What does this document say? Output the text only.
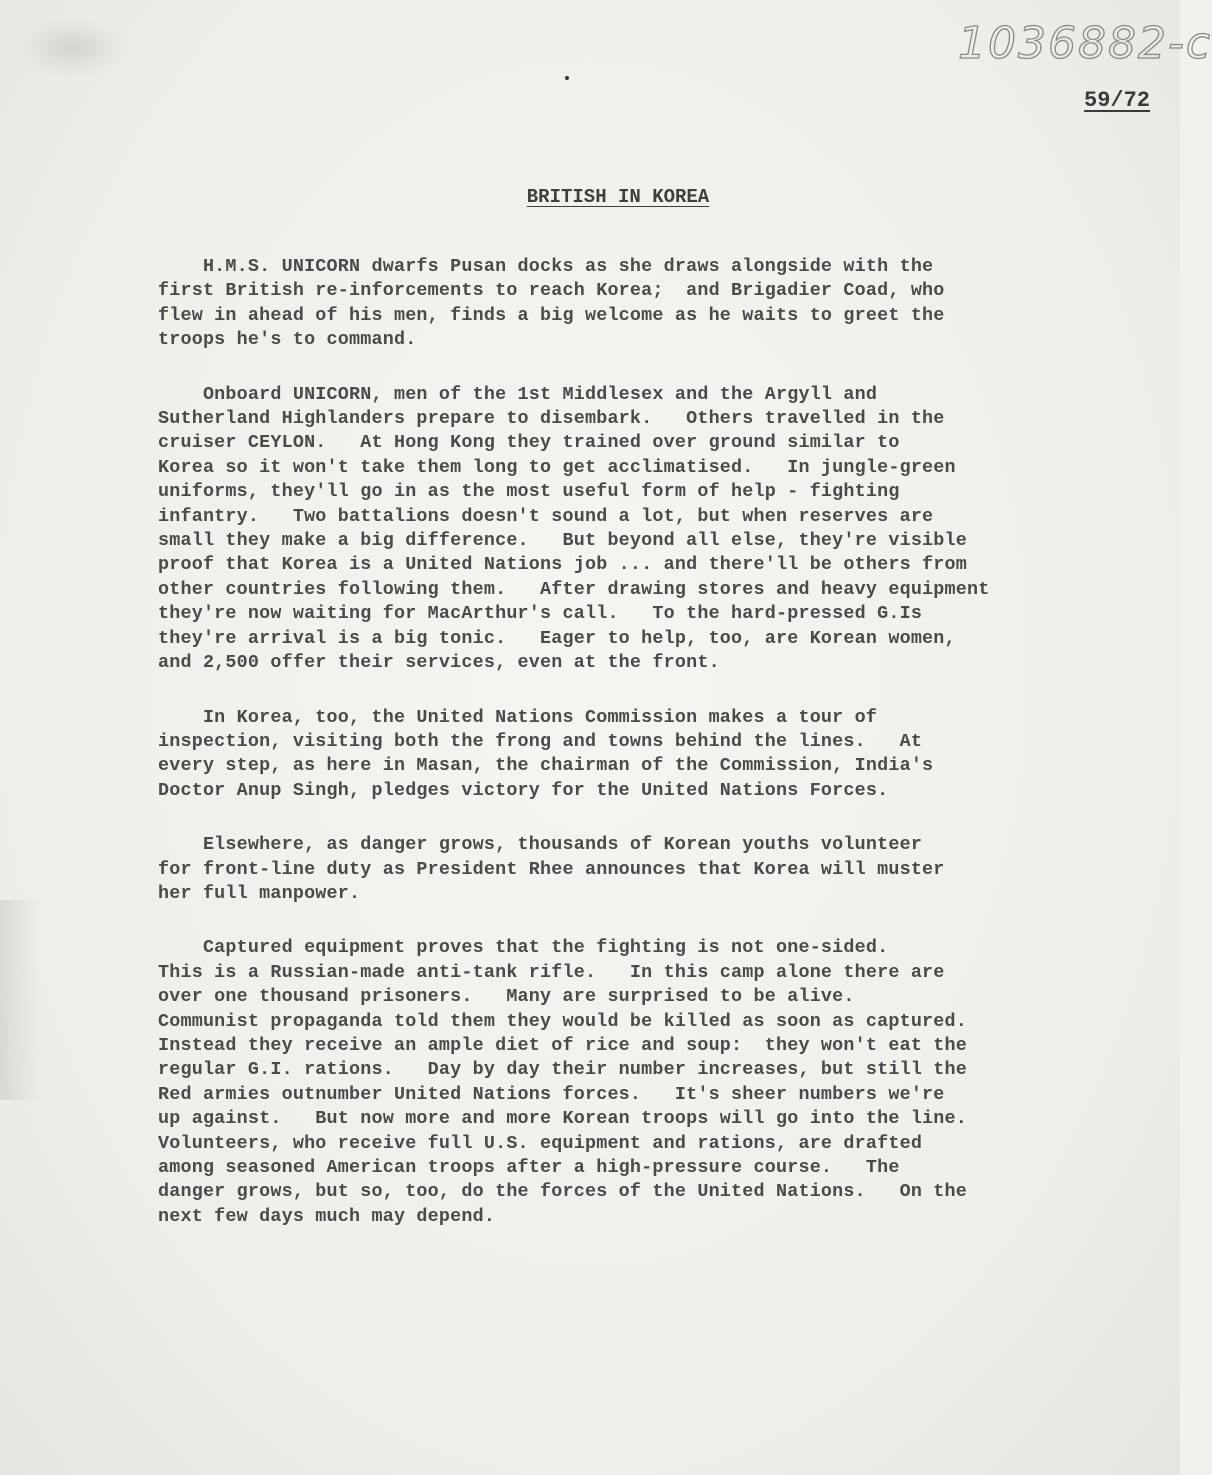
1036882-c
59/72
BRITISH IN KOREA

H.M.S. UNICORN dwarfs Pusan docks as she draws alongside with the
first British re-inforcements to reach Korea;  and Brigadier Coad, who
flew in ahead of his men, finds a big welcome as he waits to greet the
troops he's to command.

Onboard UNICORN, men of the 1st Middlesex and the Argyll and
Sutherland Highlanders prepare to disembark.   Others travelled in the
cruiser CEYLON.   At Hong Kong they trained over ground similar to
Korea so it won't take them long to get acclimatised.   In jungle-green
uniforms, they'll go in as the most useful form of help - fighting
infantry.   Two battalions doesn't sound a lot, but when reserves are
small they make a big difference.   But beyond all else, they're visible
proof that Korea is a United Nations job ... and there'll be others from
other countries following them.   After drawing stores and heavy equipment
they're now waiting for MacArthur's call.   To the hard-pressed G.Is
they're arrival is a big tonic.   Eager to help, too, are Korean women,
and 2,500 offer their services, even at the front.

In Korea, too, the United Nations Commission makes a tour of
inspection, visiting both the frong and towns behind the lines.   At
every step, as here in Masan, the chairman of the Commission, India's
Doctor Anup Singh, pledges victory for the United Nations Forces.

Elsewhere, as danger grows, thousands of Korean youths volunteer
for front-line duty as President Rhee announces that Korea will muster
her full manpower.

Captured equipment proves that the fighting is not one-sided.
This is a Russian-made anti-tank rifle.   In this camp alone there are
over one thousand prisoners.   Many are surprised to be alive.
Communist propaganda told them they would be killed as soon as captured.
Instead they receive an ample diet of rice and soup:  they won't eat the
regular G.I. rations.   Day by day their number increases, but still the
Red armies outnumber United Nations forces.   It's sheer numbers we're
up against.   But now more and more Korean troops will go into the line.
Volunteers, who receive full U.S. equipment and rations, are drafted
among seasoned American troops after a high-pressure course.   The
danger grows, but so, too, do the forces of the United Nations.   On the
next few days much may depend.
